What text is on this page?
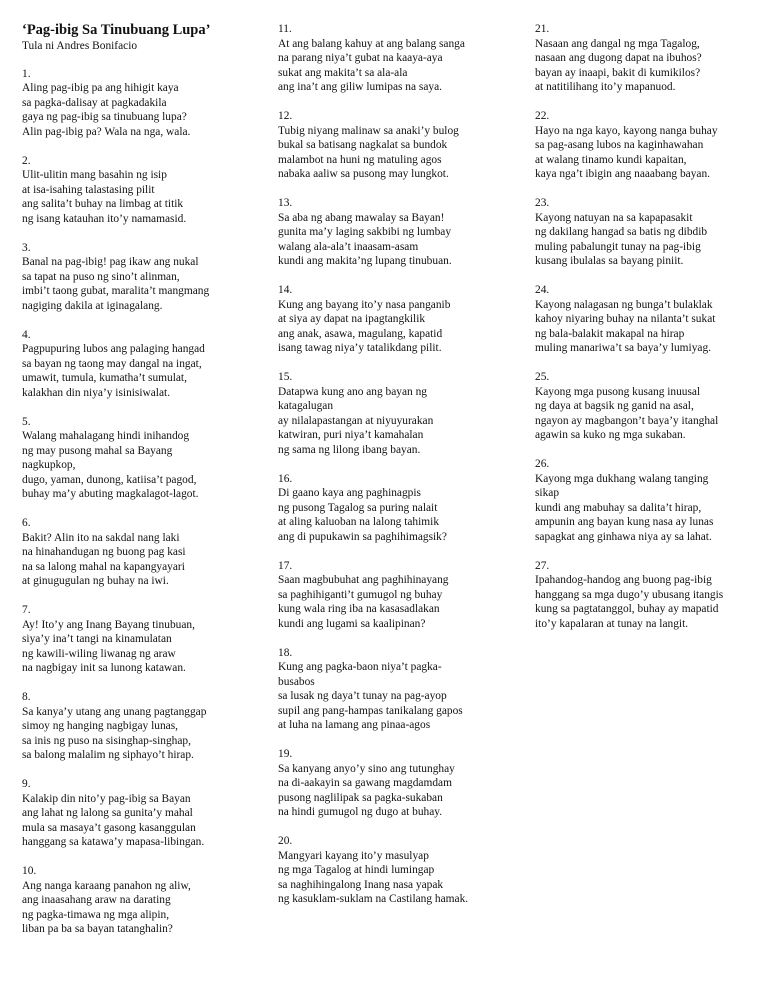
‘Pag-ibig Sa Tinubuang Lupa’
Tula ni Andres Bonifacio
1.
Aling pag-ibig pa ang hihigit kaya
sa pagka-dalisay at pagkadakila
gaya ng pag-ibig sa tinubuang lupa?
Alin pag-ibig pa? Wala na nga, wala.
2.
Ulit-ulitin mang basahin ng isip
at isa-isahing talastasing pilit
ang salita’t buhay na limbag at titik
ng isang katauhan ito’y namamasid.
3.
Banal na pag-ibig! pag ikaw ang nukal
sa tapat na puso ng sino’t alinman,
imbi’t taong gubat, maralita’t mangmang
nagiging dakila at iginagalang.
4.
Pagpupuring lubos ang palaging hangad
sa bayan ng taong may dangal na ingat,
umawit, tumula, kumatha’t sumulat,
kalakhan din niya’y isinisiwalat.
5.
Walang mahalagang hindi inihandog
ng may pusong mahal sa Bayang
nagkupkop,
dugo, yaman, dunong, katiisa’t pagod,
buhay ma’y abuting magkalagot-lagot.
6.
Bakit? Alin ito na sakdal nang laki
na hinahandugan ng buong pag kasi
na sa lalong mahal na kapangyayari
at ginugugulan ng buhay na iwi.
7.
Ay! Ito’y ang Inang Bayang tinubuan,
siya’y ina’t tangi na kinamulatan
ng kawili-wiling liwanag ng araw
na nagbigay init sa lunong katawan.
8.
Sa kanya’y utang ang unang pagtanggap
simoy ng hanging nagbigay lunas,
sa inis ng puso na sisinghap-singhap,
sa balong malalim ng siphayo’t hirap.
9.
Kalakip din nito’y pag-ibig sa Bayan
ang lahat ng lalong sa gunita’y mahal
mula sa masaya’t gasong kasanggulan
hanggang sa katawa’y mapasa-libingan.
10.
Ang nanga karaang panahon ng aliw,
ang inaasahang araw na darating
ng pagka-timawa ng mga alipin,
liban pa ba sa bayan tatanghalin?
11.
At ang balang kahuy at ang balang sanga
na parang niya’t gubat na kaaya-aya
sukat ang makita’t sa ala-ala
ang ina’t ang giliw lumipas na saya.
12.
Tubig niyang malinaw sa anaki’y bulog
bukal sa batisang nagkalat sa bundok
malambot na huni ng matuling agos
nabaka aaliw sa pusong may lungkot.
13.
Sa aba ng abang mawalay sa Bayan!
gunita ma’y laging sakbibi ng lumbay
walang ala-ala’t inaasam-asam
kundi ang makita’ng lupang tinubuan.
14.
Kung ang bayang ito’y nasa panganib
at siya ay dapat na ipagtangkilik
ang anak, asawa, magulang, kapatid
isang tawag niya’y tatalikdang pilit.
15.
Datapwa kung ano ang bayan ng
katagalugan
ay nilalapastangan at niyuyurakan
katwiran, puri niya’t kamahalan
ng sama ng lilong ibang bayan.
16.
Di gaano kaya ang paghinagpis
ng pusong Tagalog sa puring nalait
at aling kaluoban na lalong tahimik
ang di pupukawin sa paghihimagsik?
17.
Saan magbubuhat ang paghihinayang
sa paghihiganti’t gumugol ng buhay
kung wala ring iba na kasasadlakan
kundi ang lugami sa kaalipinan?
18.
Kung ang pagka-baon niya’t pagka-
busabos
sa lusak ng daya’t tunay na pag-ayop
supil ang pang-hampas tanikalang gapos
at luha na lamang ang pinaa-agos
19.
Sa kanyang anyo’y sino ang tutunghay
na di-aakayin sa gawang magdamdam
pusong naglilipak sa pagka-sukaban
na hindi gumugol ng dugo at buhay.
20.
Mangyari kayang ito’y masulyap
ng mga Tagalog at hindi lumingap
sa naghihingalong Inang nasa yapak
ng kasuklam-suklam na Castilang hamak.
21.
Nasaan ang dangal ng mga Tagalog,
nasaan ang dugong dapat na ibuhos?
bayan ay inaapi, bakit di kumikilos?
at natitilihang ito’y mapanuod.
22.
Hayo na nga kayo, kayong nanga buhay
sa pag-asang lubos na kaginhawahan
at walang tinamo kundi kapaitan,
kaya nga’t ibigin ang naaabang bayan.
23.
Kayong natuyan na sa kapapasakit
ng dakilang hangad sa batis ng dibdib
muling pabalungit tunay na pag-ibig
kusang ibulalas sa bayang piniit.
24.
Kayong nalagasan ng bunga’t bulaklak
kahoy niyaring buhay na nilanta’t sukat
ng bala-balakit makapal na hirap
muling manariwa’t sa baya’y lumiyag.
25.
Kayong mga pusong kusang inuusal
ng daya at bagsik ng ganid na asal,
ngayon ay magbangon’t baya’y itanghal
agawin sa kuko ng mga sukaban.
26.
Kayong mga dukhang walang tanging
sikap
kundi ang mabuhay sa dalita’t hirap,
ampunin ang bayan kung nasa ay lunas
sapagkat ang ginhawa niya ay sa lahat.
27.
Ipahandog-handog ang buong pag-ibig
hanggang sa mga dugo’y ubusang itangis
kung sa pagtatanggol, buhay ay mapatid
ito’y kapalaran at tunay na langit.
